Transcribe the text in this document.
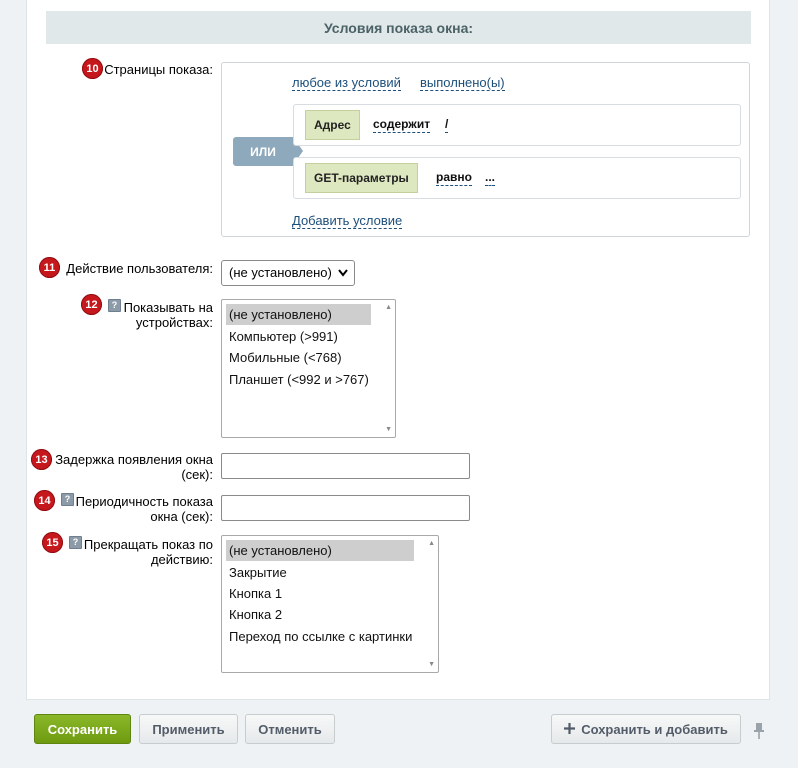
Условия показа окна:
10 Страницы показа:
любое из условий выполнено(ы)
ИЛИ
Адрес	содержит /
GET-параметры	равно ...
Добавить условие
11 Действие пользователя:	(не установлено)
12	? Показывать на
устройствах:
(не установлено)
Компьютер (>991)
Мобильные (<768)
Планшет (<992 и >767)
▲
▼
13 Задержка появления окна
(сек):
14	? Периодичность показа
окна (сек):
15	? Прекращать показ по
действию:
(не установлено)
Закрытие
Кнопка 1
Кнопка 2
Переход по ссылке с картинки
▲
▼
Сохранить	Применить	Отменить	Сохранить и добавить
